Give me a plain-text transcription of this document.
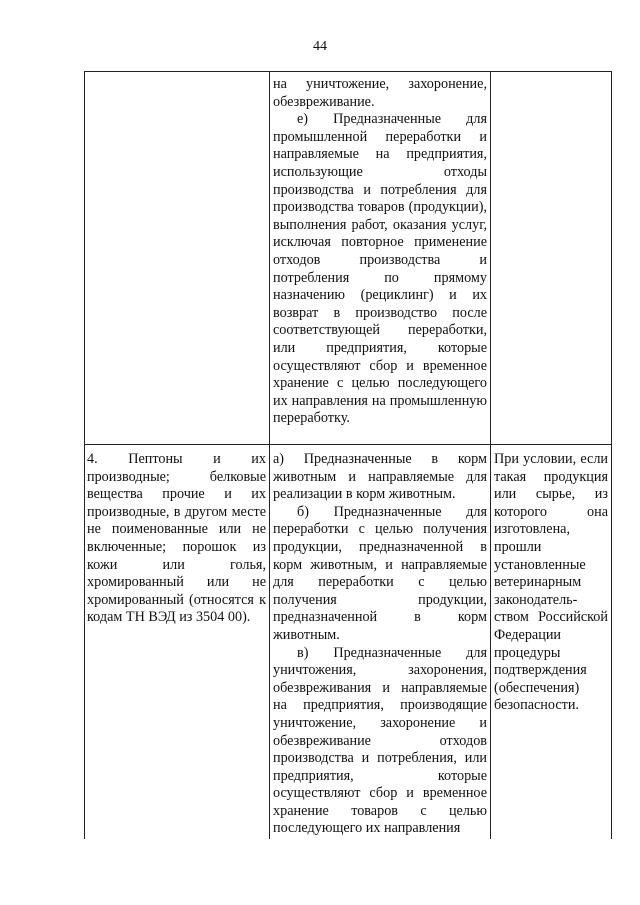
44

на уничтожение, захоронение, обезвреживание.

е) Предназначенные для промышленной переработки и направляемые на предприятия, использующие отходы производства и потребления для производства товаров (продукции), выполнения работ, оказания услуг, исключая повторное применение отходов производства и потребления по прямому назначению (рециклинг) и их возврат в производство после соответствующей переработки, или предприятия, которые осуществляют сбор и временное хранение с целью последующего их направления на промышленную переработку.

4. Пептоны и их производные; белковые вещества прочие и их производные, в другом месте не поименованные или не включенные; порошок из кожи или голья, хромированный или не хромированный (относятся к кодам ТН ВЭД из 3504 00).

а) Предназначенные в корм животным и направляемые для реализации в корм животным.

б) Предназначенные для переработки с целью получения продукции, предназначенной в корм животным, и направляемые для переработки с целью получения продукции, предназначенной в корм животным.

в) Предназначенные для уничтожения, захоронения, обезвреживания и направляемые на предприятия, производящие уничтожение, захоронение и обезвреживание отходов производства и потребления, или предприятия, которые осуществляют сбор и временное хранение товаров с целью последующего их направления

При условии, если такая продукция или сырье, из которого она изготовлена, прошли установленные ветеринарным законодатель-ством Российской Федерации процедуры подтверждения (обеспечения) безопасности.
